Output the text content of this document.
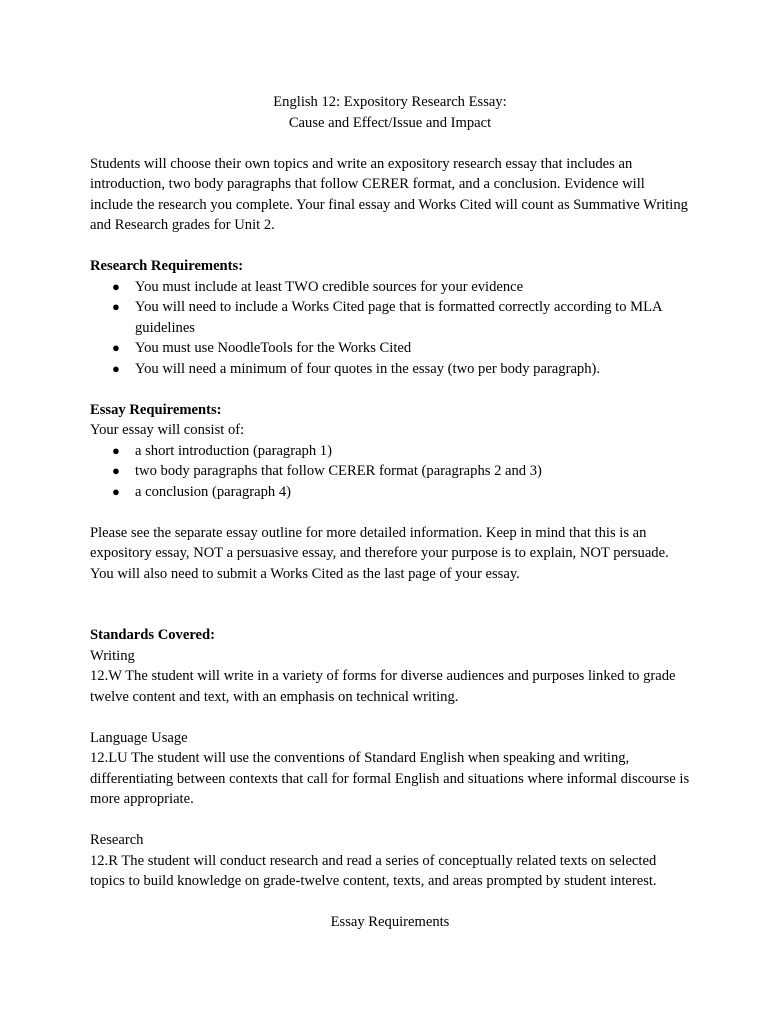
English 12: Expository Research Essay:

Cause and Effect/Issue and Impact

Students will choose their own topics and write an expository research essay that includes an introduction, two body paragraphs that follow CERER format, and a conclusion. Evidence will include the research you complete. Your final essay and Works Cited will count as Summative Writing and Research grades for Unit 2.

Research Requirements:

● You must include at least TWO credible sources for your evidence
● You will need to include a Works Cited page that is formatted correctly according to MLA guidelines
● You must use NoodleTools for the Works Cited
● You will need a minimum of four quotes in the essay (two per body paragraph).

Essay Requirements:

Your essay will consist of:

● a short introduction (paragraph 1)
● two body paragraphs that follow CERER format (paragraphs 2 and 3)
● a conclusion (paragraph 4)

Please see the separate essay outline for more detailed information. Keep in mind that this is an expository essay, NOT a persuasive essay, and therefore your purpose is to explain, NOT persuade. You will also need to submit a Works Cited as the last page of your essay.

Standards Covered:

Writing

12.W The student will write in a variety of forms for diverse audiences and purposes linked to grade twelve content and text, with an emphasis on technical writing.

Language Usage

12.LU The student will use the conventions of Standard English when speaking and writing, differentiating between contexts that call for formal English and situations where informal discourse is more appropriate.

Research

12.R The student will conduct research and read a series of conceptually related texts on selected topics to build knowledge on grade-twelve content, texts, and areas prompted by student interest.

Essay Requirements
